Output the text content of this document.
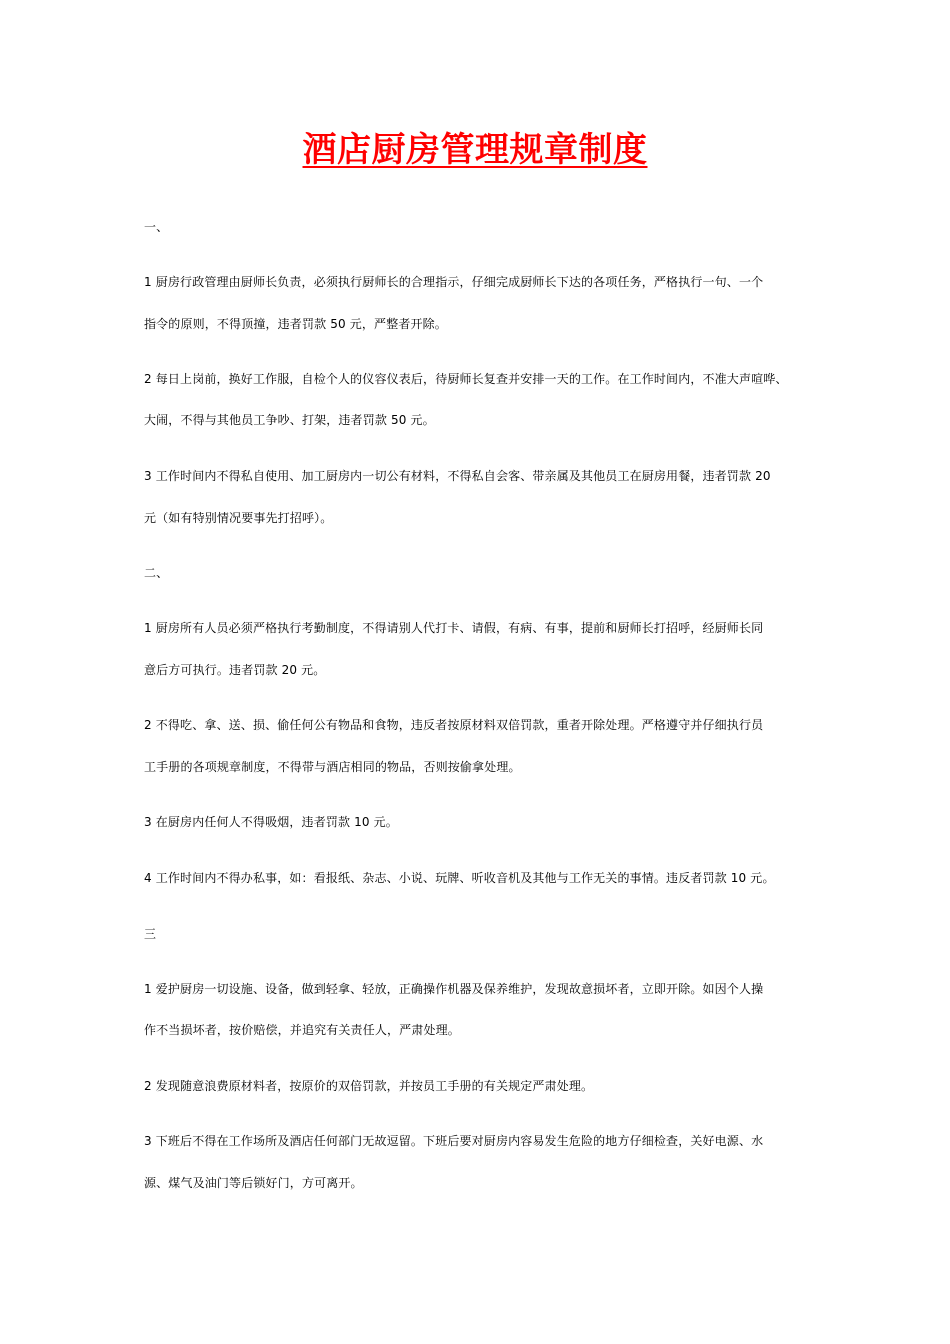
酒店厨房管理规章制度
一、
1 厨房行政管理由厨师长负责，必须执行厨师长的合理指示，仔细完成厨师长下达的各项任务，严格执行一句、一个
指令的原则，不得顶撞，违者罚款 50 元，严整者开除。
2 每日上岗前，换好工作服，自检个人的仪容仪表后，待厨师长复查并安排一天的工作。在工作时间内，不准大声喧哗、
大闹，不得与其他员工争吵、打架，违者罚款 50 元。
3 工作时间内不得私自使用、加工厨房内一切公有材料，不得私自会客、带亲属及其他员工在厨房用餐，违者罚款 20
元（如有特别情况要事先打招呼）。
二、
1 厨房所有人员必须严格执行考勤制度，不得请别人代打卡、请假，有病、有事，提前和厨师长打招呼，经厨师长同
意后方可执行。违者罚款 20 元。
2 不得吃、拿、送、损、偷任何公有物品和食物，违反者按原材料双倍罚款，重者开除处理。严格遵守并仔细执行员
工手册的各项规章制度，不得带与酒店相同的物品，否则按偷拿处理。
3 在厨房内任何人不得吸烟，违者罚款 10 元。
4 工作时间内不得办私事，如：看报纸、杂志、小说、玩牌、听收音机及其他与工作无关的事情。违反者罚款 10 元。
三
1 爱护厨房一切设施、设备，做到轻拿、轻放，正确操作机器及保养维护，发现故意损坏者，立即开除。如因个人操
作不当损坏者，按价赔偿，并追究有关责任人，严肃处理。
2 发现随意浪费原材料者，按原价的双倍罚款，并按员工手册的有关规定严肃处理。
3 下班后不得在工作场所及酒店任何部门无故逗留。下班后要对厨房内容易发生危险的地方仔细检查，关好电源、水
源、煤气及油门等后锁好门，方可离开。
